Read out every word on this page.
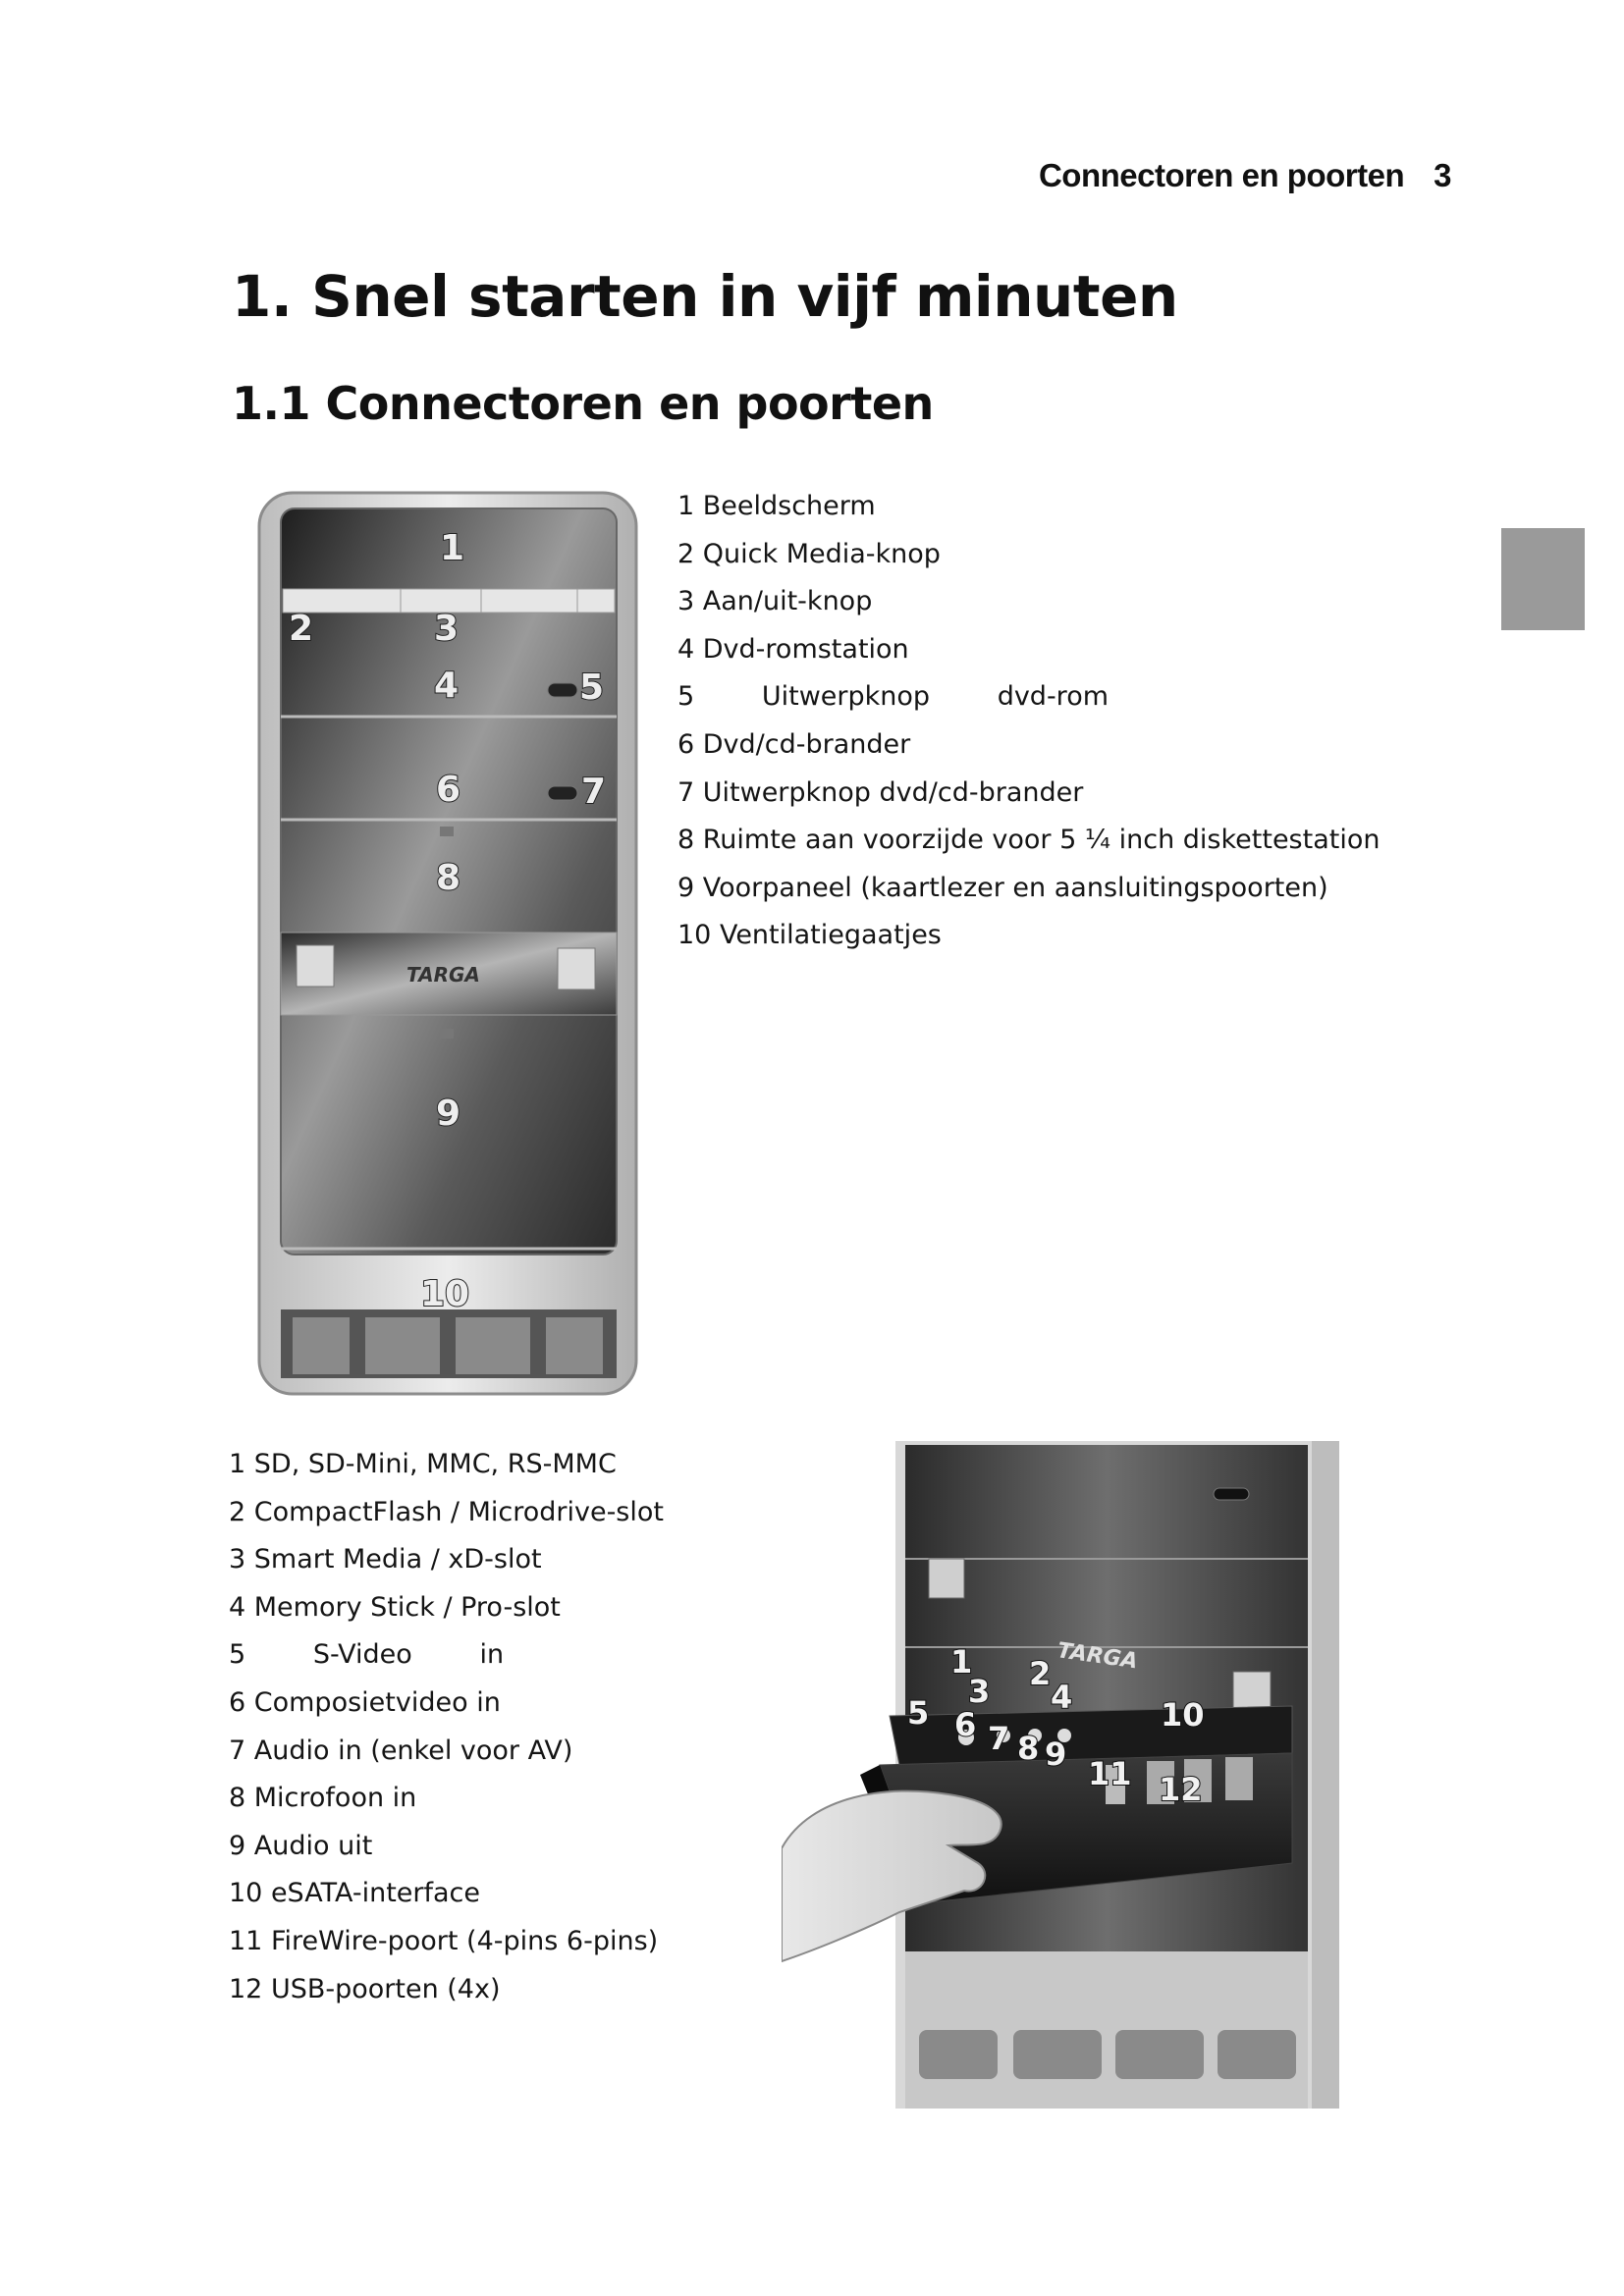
Connectoren en poorten 3
1. Snel starten in vijf minuten
1.1 Connectoren en poorten
1
2	3
4	5
6	7
8
9
10
TARGA
1 Beeldscherm
2 Quick Media-knop
3 Aan/uit-knop
4 Dvd-romstation
5        Uitwerpknop        dvd-rom
6 Dvd/cd-brander
7 Uitwerpknop dvd/cd-brander
8 Ruimte aan voorzijde voor 5 ¼ inch diskettestation
9 Voorpaneel (kaartlezer en aansluitingspoorten)
10 Ventilatiegaatjes
1 SD, SD-Mini, MMC, RS-MMC
2 CompactFlash / Microdrive-slot
3 Smart Media / xD-slot
4 Memory Stick / Pro-slot
5        S-Video        in
6 Composietvideo in
7 Audio in (enkel voor AV)
8 Microfoon in
9 Audio uit
10 eSATA-interface
11 FireWire-poort (4-pins 6-pins)
12 USB-poorten (4x)
1 2
3 4
5 6 7 8 9
10
11 12
TARGA
